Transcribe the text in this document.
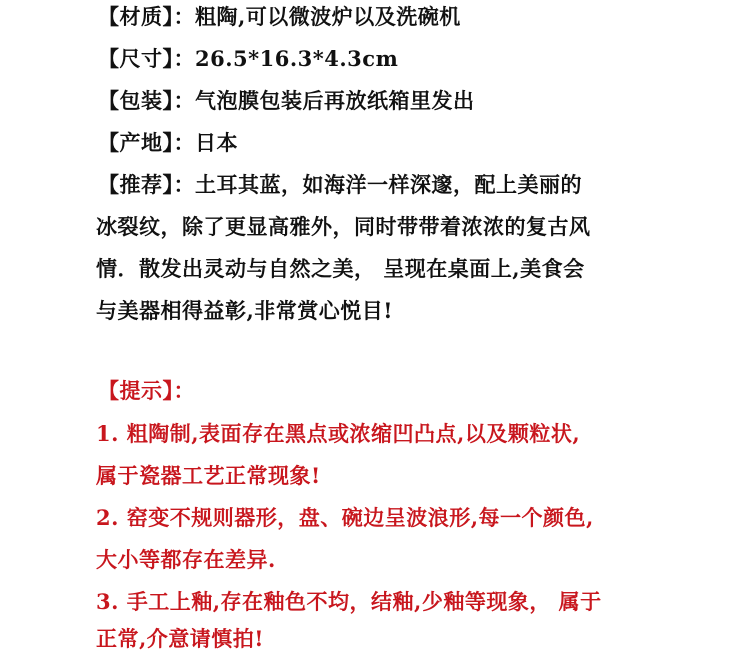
【材质】：粗陶,可以微波炉以及洗碗机
【尺寸】：26.5*16.3*4.3cm
【包装】：气泡膜包装后再放纸箱里发出
【产地】：日本
【推荐】：土耳其蓝，如海洋一样深邃，配上美丽的
冰裂纹，除了更显高雅外，同时带带着浓浓的复古风
情．散发出灵动与自然之美， 呈现在桌面上,美食会
与美器相得益彰,非常赏心悦目!
【提示】：
1. 粗陶制,表面存在黑点或浓缩凹凸点,以及颗粒状,
属于瓷器工艺正常现象!
2. 窑变不规则器形，盘、碗边呈波浪形,每一个颜色,
大小等都存在差异.
3. 手工上釉,存在釉色不均，结釉,少釉等现象， 属于
正常,介意请慎拍!
